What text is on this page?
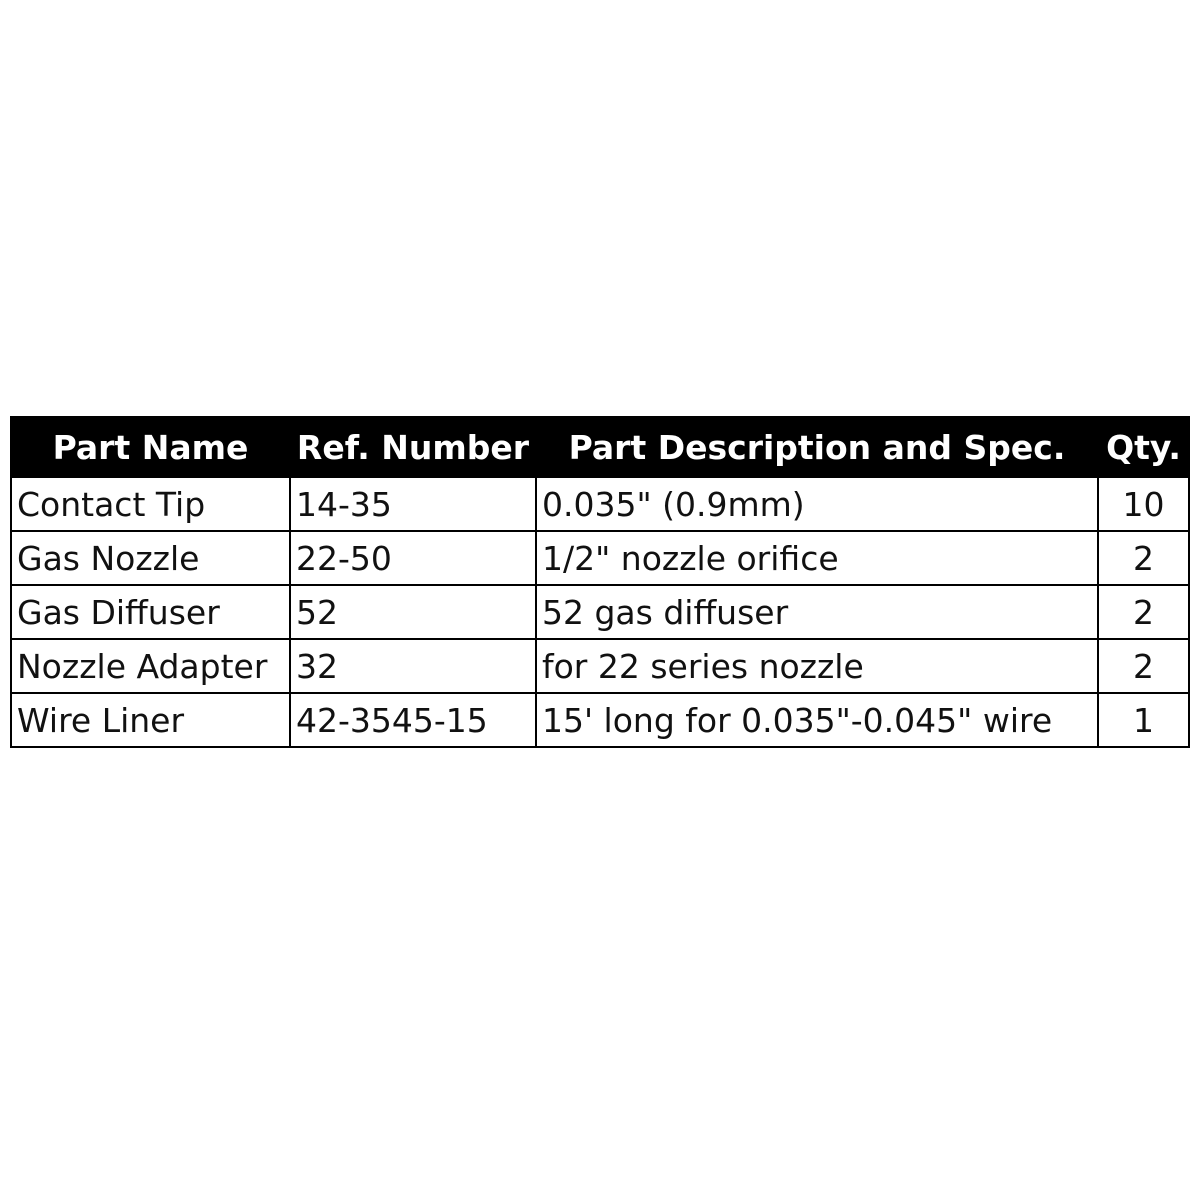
Part Name	Ref. Number	Part Description and Spec.	Qty.
Contact Tip	14-35	0.035" (0.9mm)	10
Gas Nozzle	22-50	1/2" nozzle orifice	2
Gas Diffuser	52	52 gas diffuser	2
Nozzle Adapter	32	for 22 series nozzle	2
Wire Liner	42-3545-15	15' long for 0.035"-0.045" wire	1
